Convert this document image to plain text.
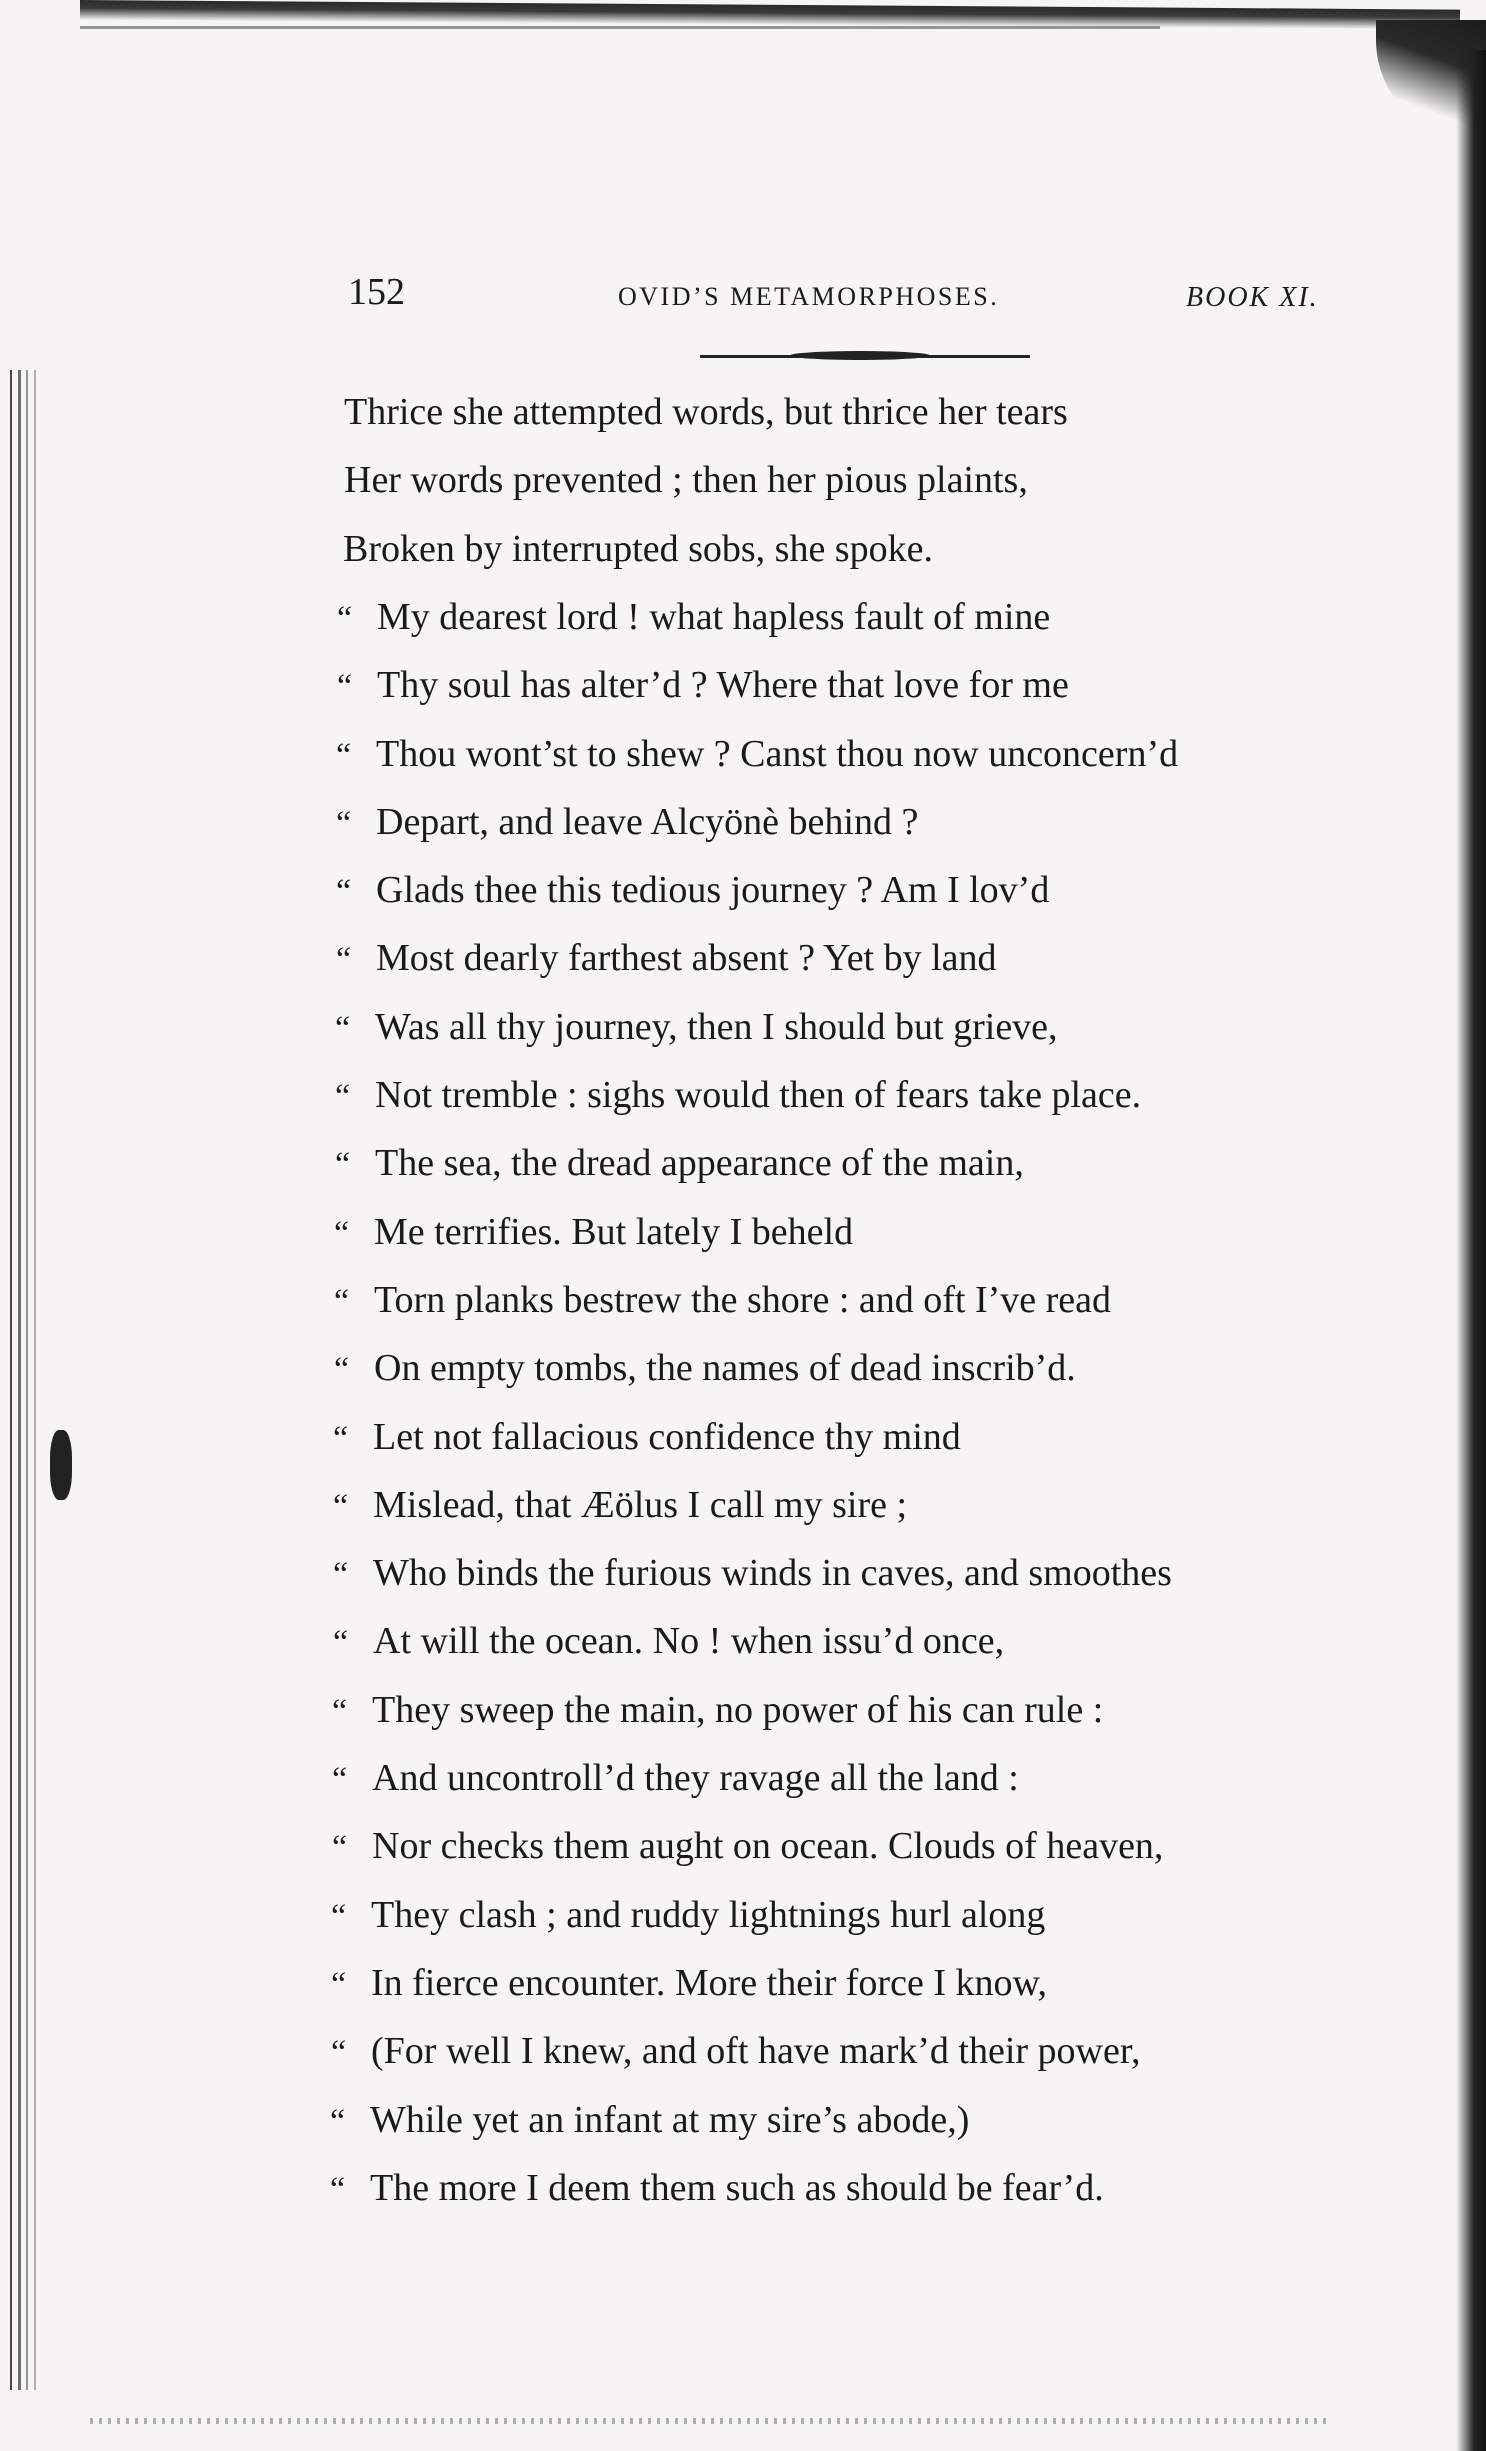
152	OVID’S METAMORPHOSES.	BOOK XI.
Thrice she attempted words, but thrice her tears
Her words prevented ; then her pious plaints,
Broken by interrupted sobs, she spoke.
“ My dearest lord ! what hapless fault of mine
“ Thy soul has alter’d ? Where that love for me
“ Thou wont’st to shew ? Canst thou now unconcern’d
“ Depart, and leave Alcyönè behind ?
“ Glads thee this tedious journey ? Am I lov’d
“ Most dearly farthest absent ? Yet by land
“ Was all thy journey, then I should but grieve,
“ Not tremble : sighs would then of fears take place.
“ The sea, the dread appearance of the main,
“ Me terrifies. But lately I beheld
“ Torn planks bestrew the shore : and oft I’ve read
“ On empty tombs, the names of dead inscrib’d.
“ Let not fallacious confidence thy mind
“ Mislead, that Æölus I call my sire ;
“ Who binds the furious winds in caves, and smoothes
“ At will the ocean. No ! when issu’d once,
“ They sweep the main, no power of his can rule :
“ And uncontroll’d they ravage all the land :
“ Nor checks them aught on ocean. Clouds of heaven,
“ They clash ; and ruddy lightnings hurl along
“ In fierce encounter. More their force I know,
“ (For well I knew, and oft have mark’d their power,
“ While yet an infant at my sire’s abode,)
“ The more I deem them such as should be fear’d.
